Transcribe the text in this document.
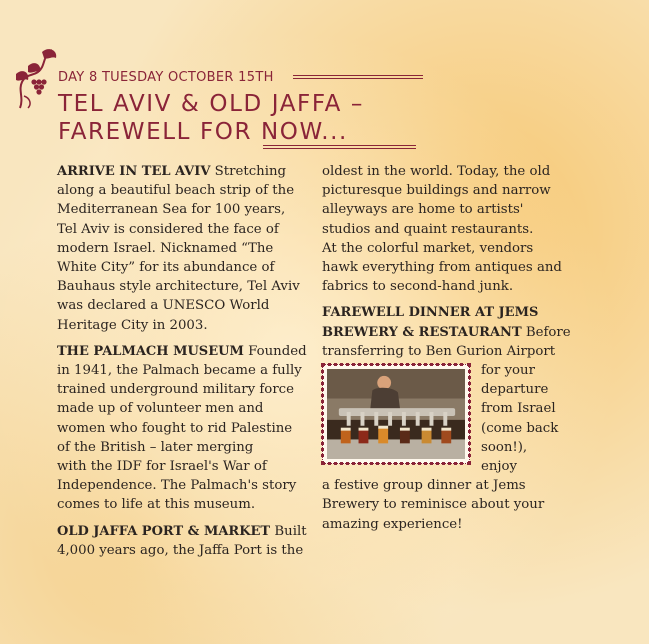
DAY 8 TUESDAY OCTOBER 15TH
TEL AVIV & OLD JAFFA –
FAREWELL FOR NOW...

ARRIVE IN TEL AVIV Stretching
along a beautiful beach strip of the
Mediterranean Sea for 100 years,
Tel Aviv is considered the face of
modern Israel. Nicknamed “The
White City” for its abundance of
Bauhaus style architecture, Tel Aviv
was declared a UNESCO World
Heritage City in 2003.

THE PALMACH MUSEUM Founded
in 1941, the Palmach became a fully
trained underground military force
made up of volunteer men and
women who fought to rid Palestine
of the British – later merging
with the IDF for Israel's War of
Independence. The Palmach's story
comes to life at this museum.

OLD JAFFA PORT & MARKET Built
4,000 years ago, the Jaffa Port is the

oldest in the world. Today, the old
picturesque buildings and narrow
alleyways are home to artists'
studios and quaint restaurants.
At the colorful market, vendors
hawk everything from antiques and
fabrics to second-hand junk.

FAREWELL DINNER AT JEMS
BREWERY & RESTAURANT Before
transferring to Ben Gurion Airport
for your
departure
from Israel
(come back
soon!),
enjoy
a festive group dinner at Jems
Brewery to reminisce about your
amazing experience!
